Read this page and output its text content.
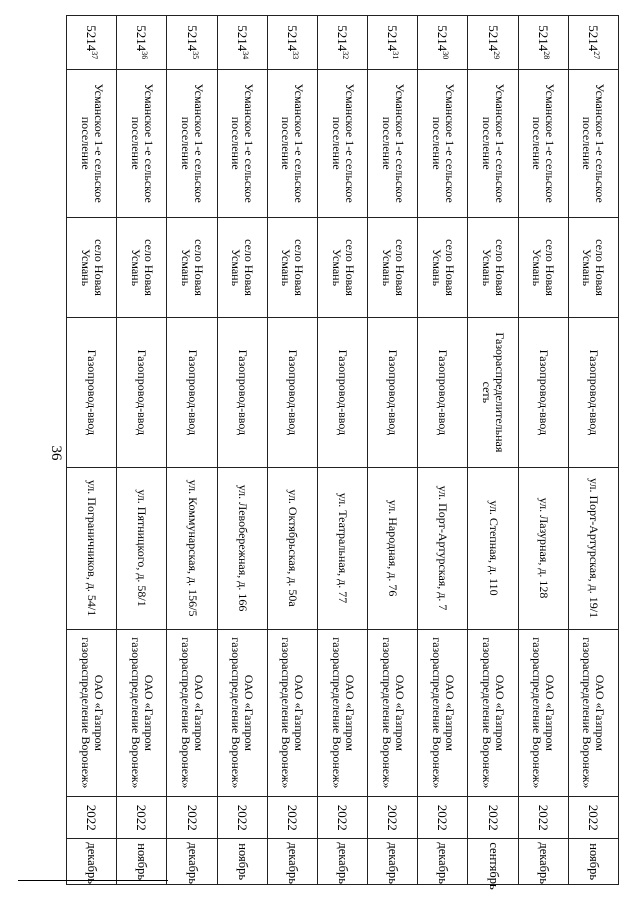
36
5214$^{27}$	Усманское 1-е сельское поселение	село Новая Усмань	Газопровод-ввод	ул. Порт-Артурская, д. 19/1	ОАО «Газпром газораспределение Воронеж»	2022	ноябрь
5214$^{28}$	Усманское 1-е сельское поселение	село Новая Усмань	Газопровод-ввод	ул. Лазурная, д. 128	ОАО «Газпром газораспределение Воронеж»	2022	декабрь
5214$^{29}$	Усманское 1-е сельское поселение	село Новая Усмань	Газораспределительная сеть	ул. Степная, д. 110	ОАО «Газпром газораспределение Воронеж»	2022	сентябрь
5214$^{30}$	Усманское 1-е сельское поселение	село Новая Усмань	Газопровод-ввод	ул. Порт-Артурская, д. 7	ОАО «Газпром газораспределение Воронеж»	2022	декабрь
5214$^{31}$	Усманское 1-е сельское поселение	село Новая Усмань	Газопровод-ввод	ул. Народная, д. 76	ОАО «Газпром газораспределение Воронеж»	2022	декабрь
5214$^{32}$	Усманское 1-е сельское поселение	село Новая Усмань	Газопровод-ввод	ул. Театральная, д. 77	ОАО «Газпром газораспределение Воронеж»	2022	декабрь
5214$^{33}$	Усманское 1-е сельское поселение	село Новая Усмань	Газопровод-ввод	ул. Октябрьская, д. 50а	ОАО «Газпром газораспределение Воронеж»	2022	декабрь
5214$^{34}$	Усманское 1-е сельское поселение	село Новая Усмань	Газопровод-ввод	ул. Левобережная, д. 166	ОАО «Газпром газораспределение Воронеж»	2022	ноябрь
5214$^{35}$	Усманское 1-е сельское поселение	село Новая Усмань	Газопровод-ввод	ул. Коммунарская, д. 156/5	ОАО «Газпром газораспределение Воронеж»	2022	декабрь
5214$^{36}$	Усманское 1-е сельское поселение	село Новая Усмань	Газопровод-ввод	ул. Пятницкого, д. 58/1	ОАО «Газпром газораспределение Воронеж»	2022	ноябрь
5214$^{37}$	Усманское 1-е сельское поселение	село Новая Усмань	Газопровод-ввод	ул. Пограничников, д. 54/1	ОАО «Газпром газораспределение Воронеж»	2022	декабрь
